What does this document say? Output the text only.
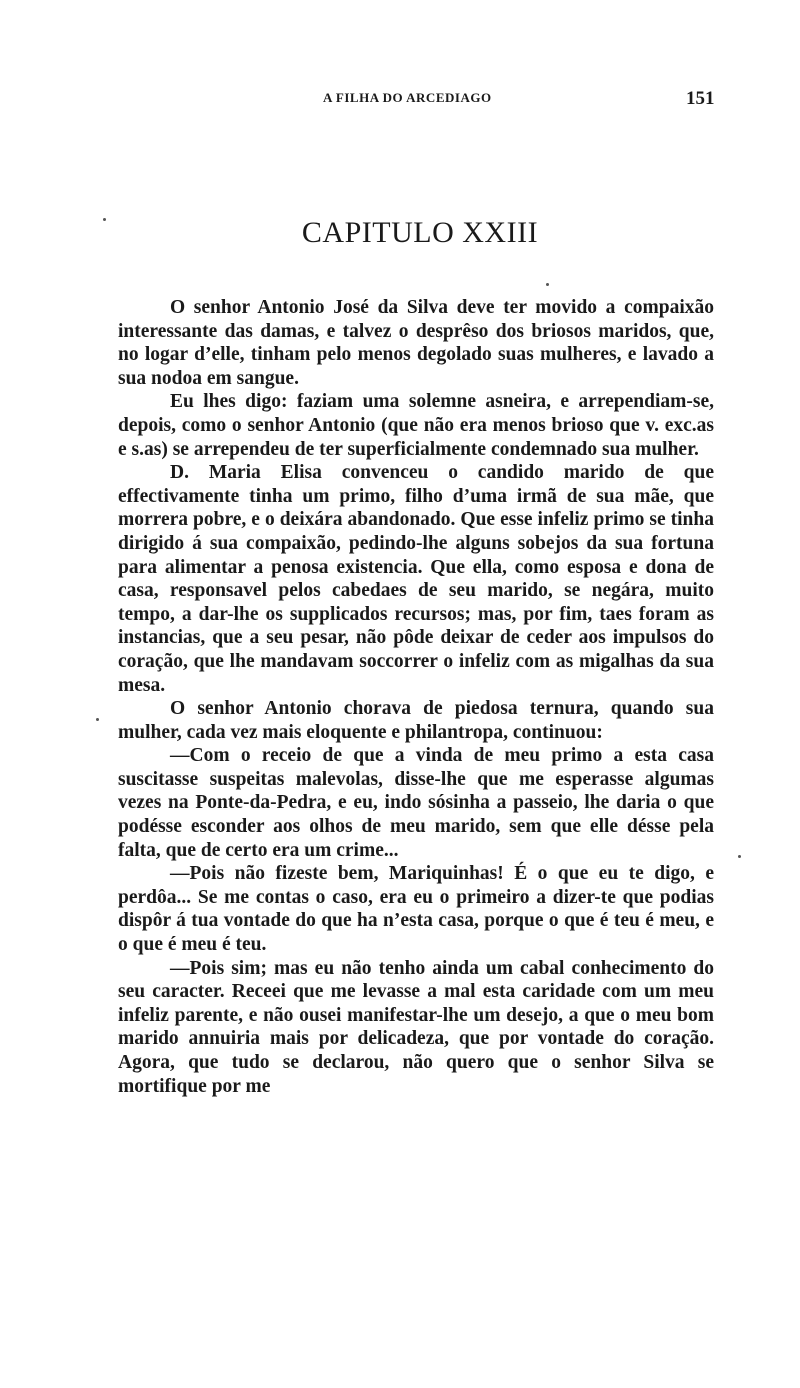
A FILHA DO ARCEDIAGO	151
CAPITULO XXIII

O senhor Antonio José da Silva deve ter movido a compaixão interessante das damas, e talvez o desprêso dos briosos maridos, que, no logar d’elle, tinham pelo menos degolado suas mulheres, e lavado a sua nodoa em sangue.

Eu lhes digo: faziam uma solemne asneira, e arrependiam-se, depois, como o senhor Antonio (que não era menos brioso que v. exc.as e s.as) se arrependeu de ter superficialmente condemnado sua mulher.

D. Maria Elisa convenceu o candido marido de que effectivamente tinha um primo, filho d’uma irmã de sua mãe, que morrera pobre, e o deixára abandonado. Que esse infeliz primo se tinha dirigido á sua compaixão, pedindo-lhe alguns sobejos da sua fortuna para alimentar a penosa existencia. Que ella, como esposa e dona de casa, responsavel pelos cabedaes de seu marido, se negára, muito tempo, a dar-lhe os supplicados recursos; mas, por fim, taes foram as instancias, que a seu pesar, não pôde deixar de ceder aos impulsos do coração, que lhe mandavam soccorrer o infeliz com as migalhas da sua mesa.

O senhor Antonio chorava de piedosa ternura, quando sua mulher, cada vez mais eloquente e philantropa, continuou:

—Com o receio de que a vinda de meu primo a esta casa suscitasse suspeitas malevolas, disse-lhe que me esperasse algumas vezes na Ponte-da-Pedra, e eu, indo sósinha a passeio, lhe daria o que podésse esconder aos olhos de meu marido, sem que elle désse pela falta, que de certo era um crime...

—Pois não fizeste bem, Mariquinhas! É o que eu te digo, e perdôa... Se me contas o caso, era eu o primeiro a dizer-te que podias dispôr á tua vontade do que ha n’esta casa, porque o que é teu é meu, e o que é meu é teu.

—Pois sim; mas eu não tenho ainda um cabal conhecimento do seu caracter. Receei que me levasse a mal esta caridade com um meu infeliz parente, e não ousei manifestar-lhe um desejo, a que o meu bom marido annuiria mais por delicadeza, que por vontade do coração. Agora, que tudo se declarou, não quero que o senhor Silva se mortifique por me
